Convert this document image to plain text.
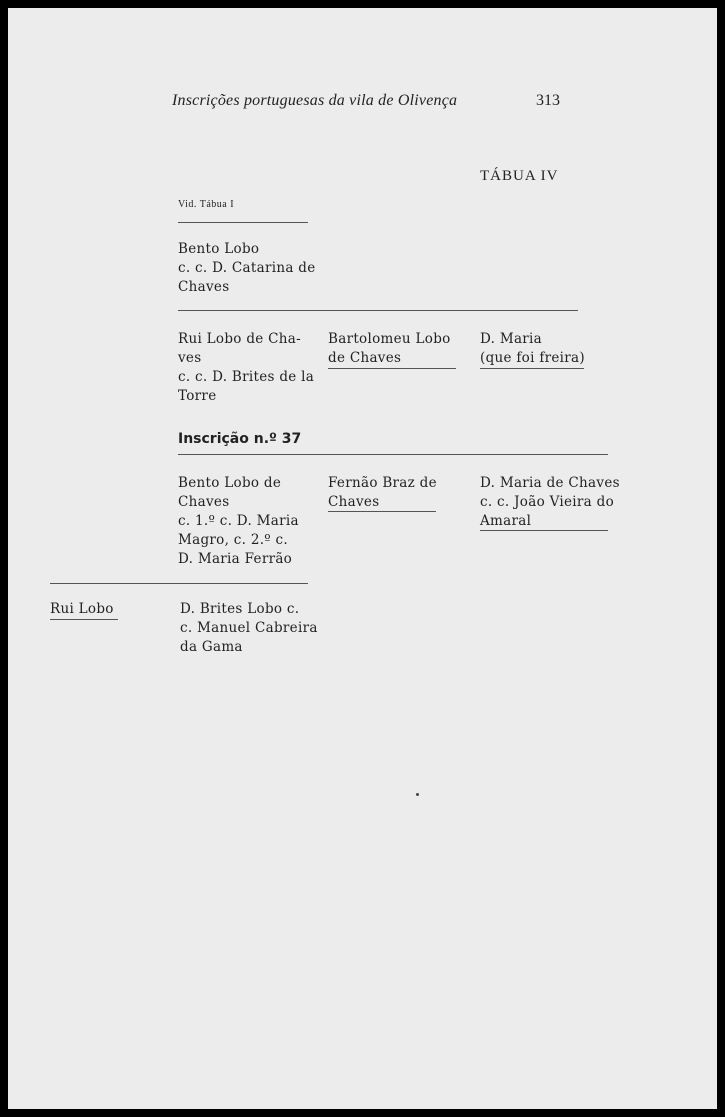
Inscrições portuguesas da vila de Olivença	313
TÁBUA IV
Vid. Tábua I
Bento Lobo
c. c. D. Catarina de
Chaves
Rui Lobo de Cha-
ves
c. c. D. Brites de la
Torre
Bartolomeu Lobo
de Chaves
D. Maria
(que foi freira)
Inscrição n.º 37
Bento Lobo de
Chaves
c. 1.º c. D. Maria
Magro, c. 2.º c.
D. Maria Ferrão
Fernão Braz de
Chaves
D. Maria de Chaves
c. c. João Vieira do
Amaral
Rui Lobo	D. Brites Lobo c.
c. Manuel Cabreira
da Gama
